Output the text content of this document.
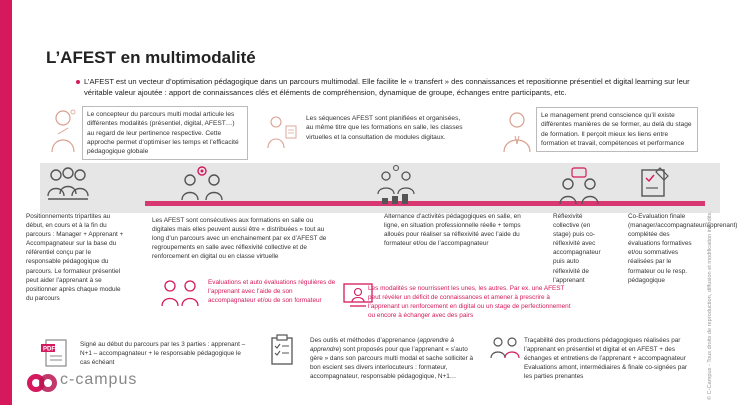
L’AFEST en multimodalité
L’AFEST est un vecteur d’optimisation pédagogique dans un parcours multimodal. Elle facilite le « transfert » des connaissances et repositionne présentiel et digital learning sur leur véritable valeur ajoutée : apport de connaissances clés et éléments de compréhension, dynamique de groupe, échanges entre participants, etc.
Le concepteur du parcours multi modal articule les différentes modalités (présentiel, digital, AFEST…) au regard de leur pertinence respective. Cette approche permet d’optimiser les temps et l’efficacité pédagogique globale
Les séquences AFEST sont planifiées et organisées, au même titre que les formations en salle, les classes virtuelles et la consultation de modules digitaux.
Le management prend conscience qu’il existe différentes manières de se former, au delà du stage de formation. Il perçoit mieux les liens entre formation et travail, compétences et performance
Positionnements tripartites au début, en cours et à la fin du parcours : Manager + Apprenant + Accompagnateur sur la base du référentiel conçu par le responsable pédagogique du parcours. Le formateur présentiel peut aider l’apprenant à se positionner après chaque module du parcours
Les AFEST sont consécutives aux formations en salle ou digitales mais elles peuvent aussi être « distribuées » tout au long d’un parcours avec un enchainement par ex d’AFEST de regroupements en salle avec réflexivité collective et de renforcement en digital ou en classe virtuelle
Alternance d’activités pédagogiques en salle, en ligne, en situation professionnelle réelle + temps alloués pour réaliser sa réflexivité avec l’aide du formateur et/ou de l’accompagnateur
Réflexivité collective (en stage) puis co-réflexivité avec accompagnateur puis auto réflexivité de l’apprenant
Co-Evaluation finale (manager/accompagnateur/apprenant) complétée des évaluations formatives et/ou sommatives réalisées par le formateur ou le resp. pédagogique
Evaluations et auto évaluations régulières de l’apprenant avec l’aide de son accompagnateur et/ou de son formateur
Les modalités se nourrissent les unes, les autres. Par ex. une AFEST peut révéler un déficit de connaissances et amener à prescrire à l’apprenant un renforcement en digital ou un stage de perfectionnement ou encore à échanger avec des pairs
PDF
Signé au début du parcours par les 3 parties : apprenant – N+1 – accompagnateur + le responsable pédagogique le cas échéant
Des outils et méthodes d’apprenance (apprendre à apprendre) sont proposés pour que l’apprenant « s’auto gère » dans son parcours multi modal et sache solliciter à bon escient ses divers interlocuteurs : formateur, accompagnateur, responsable pédagogique, N+1…
Traçabilité des productions pédagogiques réalisées par l’apprenant en présentiel et digital et en AFEST + des échanges et entretiens de l’apprenant + accompagnateur Evaluations amont, intermédiaires & finale co-signées par les parties prenantes
c-campus	© C-Campus - Tous droits de reproduction, diffusion et modification interdits.
